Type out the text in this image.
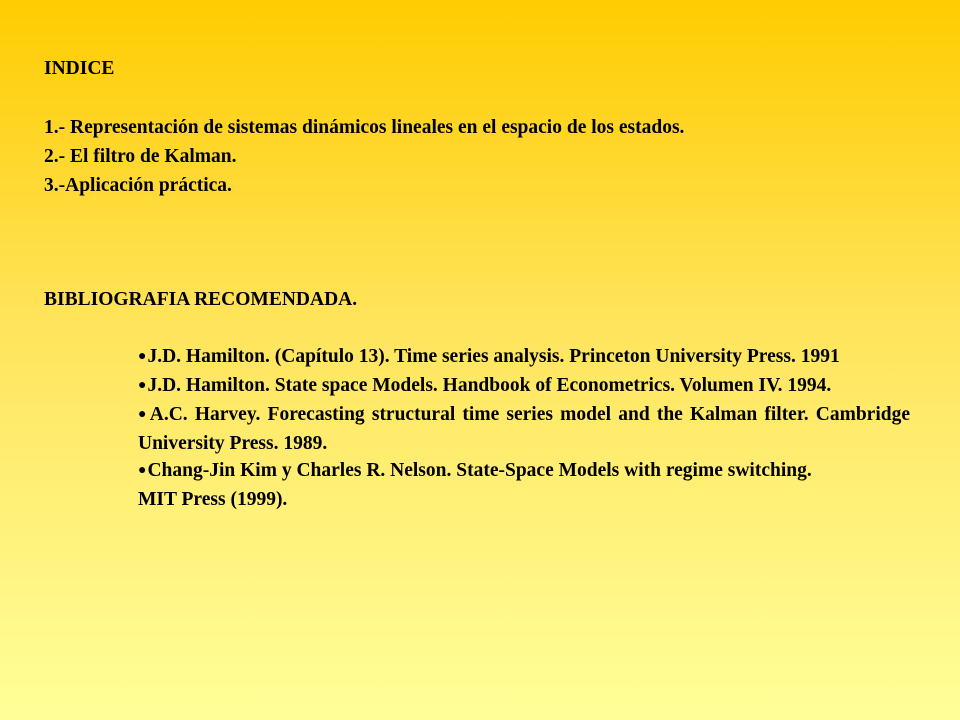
INDICE
1.- Representación de sistemas dinámicos lineales en el espacio de los estados.
2.- El filtro de Kalman.
3.-Aplicación práctica.
BIBLIOGRAFIA RECOMENDADA.

●J.D. Hamilton. (Capítulo 13). Time series analysis. Princeton University Press. 1991

●J.D. Hamilton. State space Models. Handbook of Econometrics. Volumen IV. 1994.

●A.C. Harvey. Forecasting structural time series model and the Kalman filter. Cambridge University Press. 1989.

●Chang-Jin Kim y Charles R. Nelson. State-Space Models with regime switching. MIT Press (1999).
